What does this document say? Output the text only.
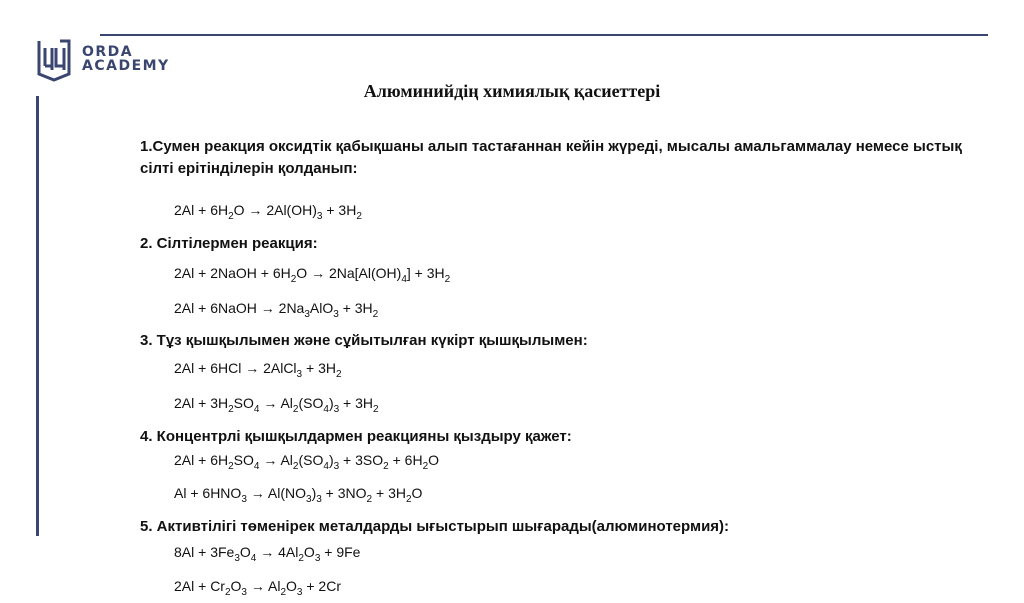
ORDA
ACADEMY
Алюминийдің химиялық қасиеттері

1.Сумен реакция оксидтік қабықшаны алып тастағаннан кейін жүреді, мысалы амальгаммалау немесе ыстық сілті ерітінділерін қолданып:

$2Al + 6H_2O \to 2Al(OH)_3 + 3H_2$

2. Сілтілермен реакция:

2Al + 2NaOH + $6H_2O \to 2Na[Al(OH)_4] + 3H_2$
2Al + 6NaOH → $2Na_3AlO_3 + 3H_2$

3. Тұз қышқылымен және сұйытылған күкірт қышқылымен:

2Al + 6HCl → 2AlCl$_3$ + $3H_2$
$2Al + 3H_2SO_4 \to Al_2(SO_4)_3 + 3H_2$

4. Концентрлі қышқылдармен реакцияны қыздыру қажет:

$2Al + 6H_2SO_4 \to Al_2(SO_4)_3 + 3SO_2 + 6H_2O$
$Al + 6HNO_3 \to Al(NO_3)_3 + 3NO_2 + 3H_2O$

5. Активтілігі төменірек металдарды ығыстырып шығарады(алюминотермия):

$8Al + 3Fe_3O_4 \to 4Al_2O_3 + 9Fe$
$2Al + Cr_2O_3 \to Al_2O_3 + 2Cr$
